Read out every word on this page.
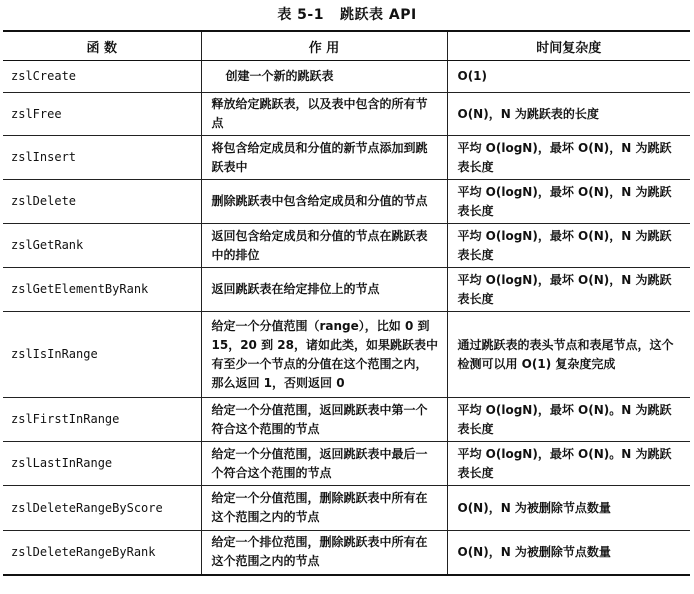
表 5-1 跳跃表 API
函 数	作 用	时间复杂度
zslCreate	创建一个新的跳跃表	O(1)

zslFree	释放给定跳跃表，以及表中包含的所有节点	O(N)，N 为跳跃表的长度

zslInsert	将包含给定成员和分值的新节点添加到跳跃表中	平均 O(logN)，最坏 O(N)，N 为跳跃表长度

zslDelete	删除跳跃表中包含给定成员和分值的节点	平均 O(logN)，最坏 O(N)，N 为跳跃表长度

zslGetRank	返回包含给定成员和分值的节点在跳跃表中的排位	平均 O(logN)，最坏 O(N)，N 为跳跃表长度

zslGetElementByRank	返回跳跃表在给定排位上的节点	平均 O(logN)，最坏 O(N)，N 为跳跃表长度

zslIsInRange	给定一个分值范围（range），比如 0 到 15，20 到 28，诸如此类，如果跳跃表中有至少一个节点的分值在这个范围之内，那么返回 1，否则返回 0	通过跳跃表的表头节点和表尾节点，这个检测可以用 O(1) 复杂度完成

zslFirstInRange	给定一个分值范围，返回跳跃表中第一个符合这个范围的节点	平均 O(logN)，最坏 O(N)。N 为跳跃表长度

zslLastInRange	给定一个分值范围，返回跳跃表中最后一个符合这个范围的节点	平均 O(logN)，最坏 O(N)。N 为跳跃表长度

zslDeleteRangeByScore	给定一个分值范围，删除跳跃表中所有在这个范围之内的节点	O(N)，N 为被删除节点数量

zslDeleteRangeByRank	给定一个排位范围，删除跳跃表中所有在这个范围之内的节点	O(N)，N 为被删除节点数量
